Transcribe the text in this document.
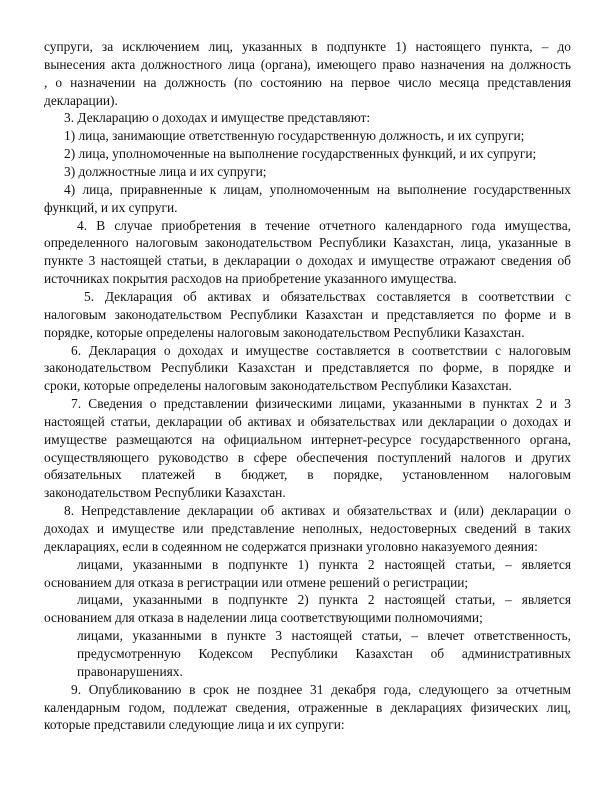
супруги, за исключением лиц, указанных в подпункте 1) настоящего пункта, – до

вынесения акта должностного лица (органа), имеющего право назначения на должность

, о назначении на должность (по состоянию на первое число месяца представления

декларации).

3. Декларацию о доходах и имуществе представляют:

1) лица, занимающие ответственную государственную должность, и их супруги;

2) лица, уполномоченные на выполнение государственных функций, и их супруги;

3) должностные лица и их супруги;

4) лица, приравненные к лицам, уполномоченным на выполнение государственных

функций, и их супруги.

4. В случае приобретения в течение отчетного календарного года имущества,

определенного налоговым законодательством Республики Казахстан, лица, указанные в

пункте 3 настоящей статьи, в декларации о доходах и имуществе отражают сведения об

источниках покрытия расходов на приобретение указанного имущества.

5. Декларация об активах и обязательствах составляется в соответствии с

налоговым законодательством Республики Казахстан и представляется по форме и в

порядке, которые определены налоговым законодательством Республики Казахстан.

6. Декларация о доходах и имуществе составляется в соответствии с налоговым

законодательством Республики Казахстан и представляется по форме, в порядке и

сроки, которые определены налоговым законодательством Республики Казахстан.

7. Сведения о представлении физическими лицами, указанными в пунктах 2 и 3

настоящей статьи, декларации об активах и обязательствах или декларации о доходах и

имуществе размещаются на официальном интернет-ресурсе государственного органа,

осуществляющего руководство в сфере обеспечения поступлений налогов и других

обязательных платежей в бюджет, в порядке, установленном налоговым

законодательством Республики Казахстан.

8. Непредставление декларации об активах и обязательствах и (или) декларации о

доходах и имуществе или представление неполных, недостоверных сведений в таких

декларациях, если в содеянном не содержатся признаки уголовно наказуемого деяния:

лицами, указанными в подпункте 1) пункта 2 настоящей статьи, – является

основанием для отказа в регистрации или отмене решений о регистрации;

лицами, указанными в подпункте 2) пункта 2 настоящей статьи, – является

основанием для отказа в наделении лица соответствующими полномочиями;

лицами, указанными в пункте 3 настоящей статьи, – влечет ответственность,

предусмотренную Кодексом Республики Казахстан об административных

правонарушениях.

9. Опубликованию в срок не позднее 31 декабря года, следующего за отчетным

календарным годом, подлежат сведения, отраженные в декларациях физических лиц,

которые представили следующие лица и их супруги:
